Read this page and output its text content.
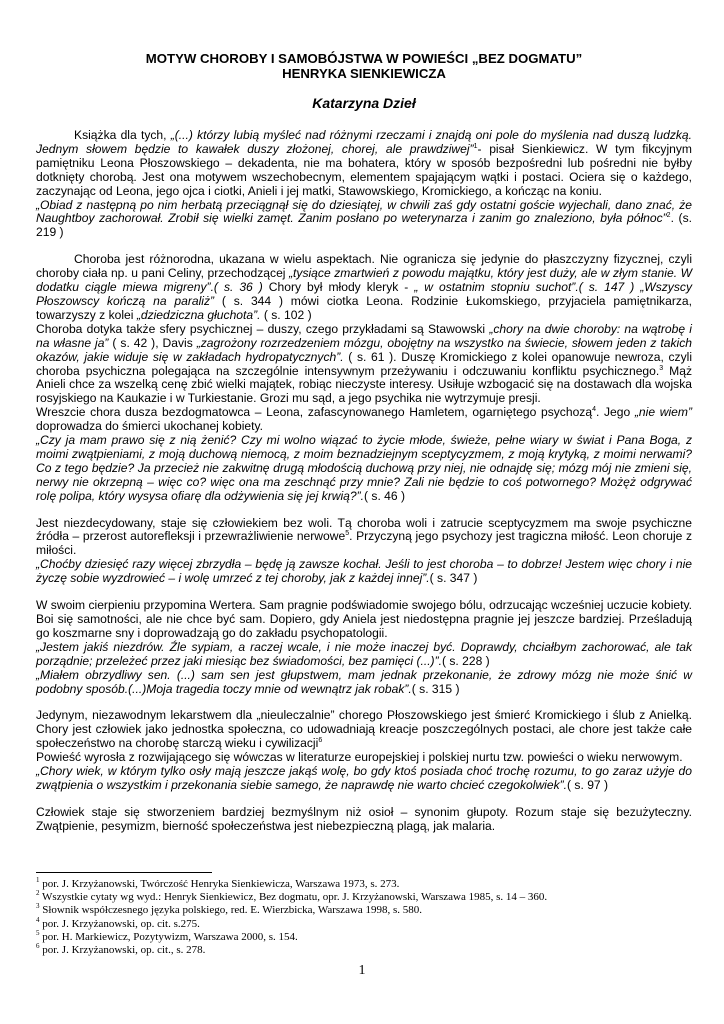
MOTYW CHOROBY I SAMOBÓJSTWA W POWIEŚCI „BEZ DOGMATU”
HENRYKA SIENKIEWICZA
Katarzyna Dzieł

Książka dla tych, „(...) którzy lubią myśleć nad różnymi rzeczami i znajdą oni pole do myślenia nad duszą ludzką. Jednym słowem będzie to kawałek duszy złożonej, chorej, ale prawdziwej”$^1$- pisał Sienkiewicz. W tym fikcyjnym pamiętniku Leona Płoszowskiego – dekadenta, nie ma bohatera, który w sposób bezpośredni lub pośredni nie byłby dotknięty chorobą. Jest ona motywem wszechobecnym, elementem spajającym wątki i postaci. Ociera się o każdego, zaczynając od Leona, jego ojca i ciotki, Anieli i jej matki, Stawowskiego, Kromickiego, a kończąc na koniu.

„Obiad z następną po nim herbatą przeciągnął się do dziesiątej, w chwili zaś gdy ostatni goście wyjechali, dano znać, że Naughtboy zachorował. Zrobił się wielki zamęt. Zanim posłano po weterynarza i zanim go znaleziono, była północ”$^2$. (s. 219 )

Choroba jest różnorodna, ukazana w wielu aspektach. Nie ogranicza się jedynie do płaszczyzny fizycznej, czyli choroby ciała np. u pani Celiny, przechodzącej „tysiące zmartwień z powodu majątku, który jest duży, ale w złym stanie. W dodatku ciągle miewa migreny”.( s. 36 ) Chory był młody kleryk - „ w ostatnim stopniu suchot”.( s. 147 ) „Wszyscy Płoszowscy kończą na paraliż” ( s. 344 ) mówi ciotka Leona. Rodzinie Łukomskiego, przyjaciela pamiętnikarza, towarzyszy z kolei „dziedziczna głuchota”. ( s. 102 )

Choroba dotyka także sfery psychicznej – duszy, czego przykładami są Stawowski „chory na dwie choroby: na wątrobę i na własne ja” ( s. 42 ), Davis „zagrożony rozrzedzeniem mózgu, obojętny na wszystko na świecie, słowem jeden z takich okazów, jakie widuje się w zakładach hydropatycznych”. ( s. 61 ). Duszę Kromickiego z kolei opanowuje newroza, czyli choroba psychiczna polegająca na szczególnie intensywnym przeżywaniu i odczuwaniu konfliktu psychicznego.$^3$ Mąż Anieli chce za wszelką cenę zbić wielki majątek, robiąc nieczyste interesy. Usiłuje wzbogacić się na dostawach dla wojska rosyjskiego na Kaukazie i w Turkiestanie. Grozi mu sąd, a jego psychika nie wytrzymuje presji.

Wreszcie chora dusza bezdogmatowca – Leona, zafascynowanego Hamletem, ogarniętego psychozą$^4$. Jego „nie wiem” doprowadza do śmierci ukochanej kobiety.

„Czy ja mam prawo się z nią żenić? Czy mi wolno wiązać to życie młode, świeże, pełne wiary w świat i Pana Boga, z moimi zwątpieniami, z moją duchową niemocą, z moim beznadziejnym sceptycyzmem, z moją krytyką, z moimi nerwami? Co z tego będzie? Ja przecież nie zakwitnę drugą młodością duchową przy niej, nie odnajdę się; mózg mój nie zmieni się, nerwy nie okrzepną – więc co? więc ona ma zeschnąć przy mnie? Zali nie będzie to coś potwornego? Możęż odgrywać rolę polipa, który wysysa ofiarę dla odżywienia się jej krwią?”.( s. 46 )

Jest niezdecydowany, staje się człowiekiem bez woli. Tą choroba woli i zatrucie sceptycyzmem ma swoje psychiczne źródła – przerost autorefleksji i przewrażliwienie nerwowe$^5$. Przyczyną jego psychozy jest tragiczna miłość. Leon choruje z miłości.

„Choćby dziesięć razy więcej zbrzydła – będę ją zawsze kochał. Jeśli to jest choroba – to dobrze! Jestem więc chory i nie życzę sobie wyzdrowieć – i wolę umrzeć z tej choroby, jak z każdej innej”.( s. 347 )

W swoim cierpieniu przypomina Wertera. Sam pragnie podświadomie swojego bólu, odrzucając wcześniej uczucie kobiety. Boi się samotności, ale nie chce być sam. Dopiero, gdy Aniela jest niedostępna pragnie jej jeszcze bardziej. Prześladują go koszmarne sny i doprowadzają go do zakładu psychopatologii.

„Jestem jakiś niezdrów. Źle sypiam, a raczej wcale, i nie może inaczej być. Doprawdy, chciałbym zachorować, ale tak porządnie; przeleżeć przez jaki miesiąc bez świadomości, bez pamięci (...)”.( s. 228 )

„Miałem obrzydliwy sen. (...) sam sen jest głupstwem, mam jednak przekonanie, że zdrowy mózg nie może śnić w podobny sposób.(...)Moja tragedia toczy mnie od wewnątrz jak robak”.( s. 315 )

Jedynym, niezawodnym lekarstwem dla „nieuleczalnie” chorego Płoszowskiego jest śmierć Kromickiego i ślub z Anielką. Chory jest człowiek jako jednostka społeczna, co udowadniają kreacje poszczególnych postaci, ale chore jest także całe społeczeństwo na chorobę starczą wieku i cywilizacji$^6$

Powieść wyrosła z rozwijającego się wówczas w literaturze europejskiej i polskiej nurtu tzw. powieści o wieku nerwowym.

„Chory wiek, w którym tylko osły mają jeszcze jakąś wolę, bo gdy ktoś posiada choć trochę rozumu, to go zaraz użyje do zwątpienia o wszystkim i przekonania siebie samego, że naprawdę nie warto chcieć czegokolwiek”.( s. 97 )

Człowiek staje się stworzeniem bardziej bezmyślnym niż osioł – synonim głupoty. Rozum staje się bezużyteczny. Zwątpienie, pesymizm, bierność społeczeństwa jest niebezpieczną plagą, jak malaria.

$^1$ por. J. Krzyżanowski, Twórczość Henryka Sienkiewicza, Warszawa 1973, s. 273.
$^2$ Wszystkie cytaty wg wyd.: Henryk Sienkiewicz, Bez dogmatu, opr. J. Krzyżanowski, Warszawa 1985, s. 14 – 360.
$^3$ Słownik współczesnego języka polskiego, red. E. Wierzbicka, Warszawa 1998, s. 580.
$^4$ por. J. Krzyżanowski, op. cit. s.275.
$^5$ por. H. Markiewicz, Pozytywizm, Warszawa 2000, s. 154.
$^6$ por. J. Krzyżanowski, op. cit., s. 278.
1
